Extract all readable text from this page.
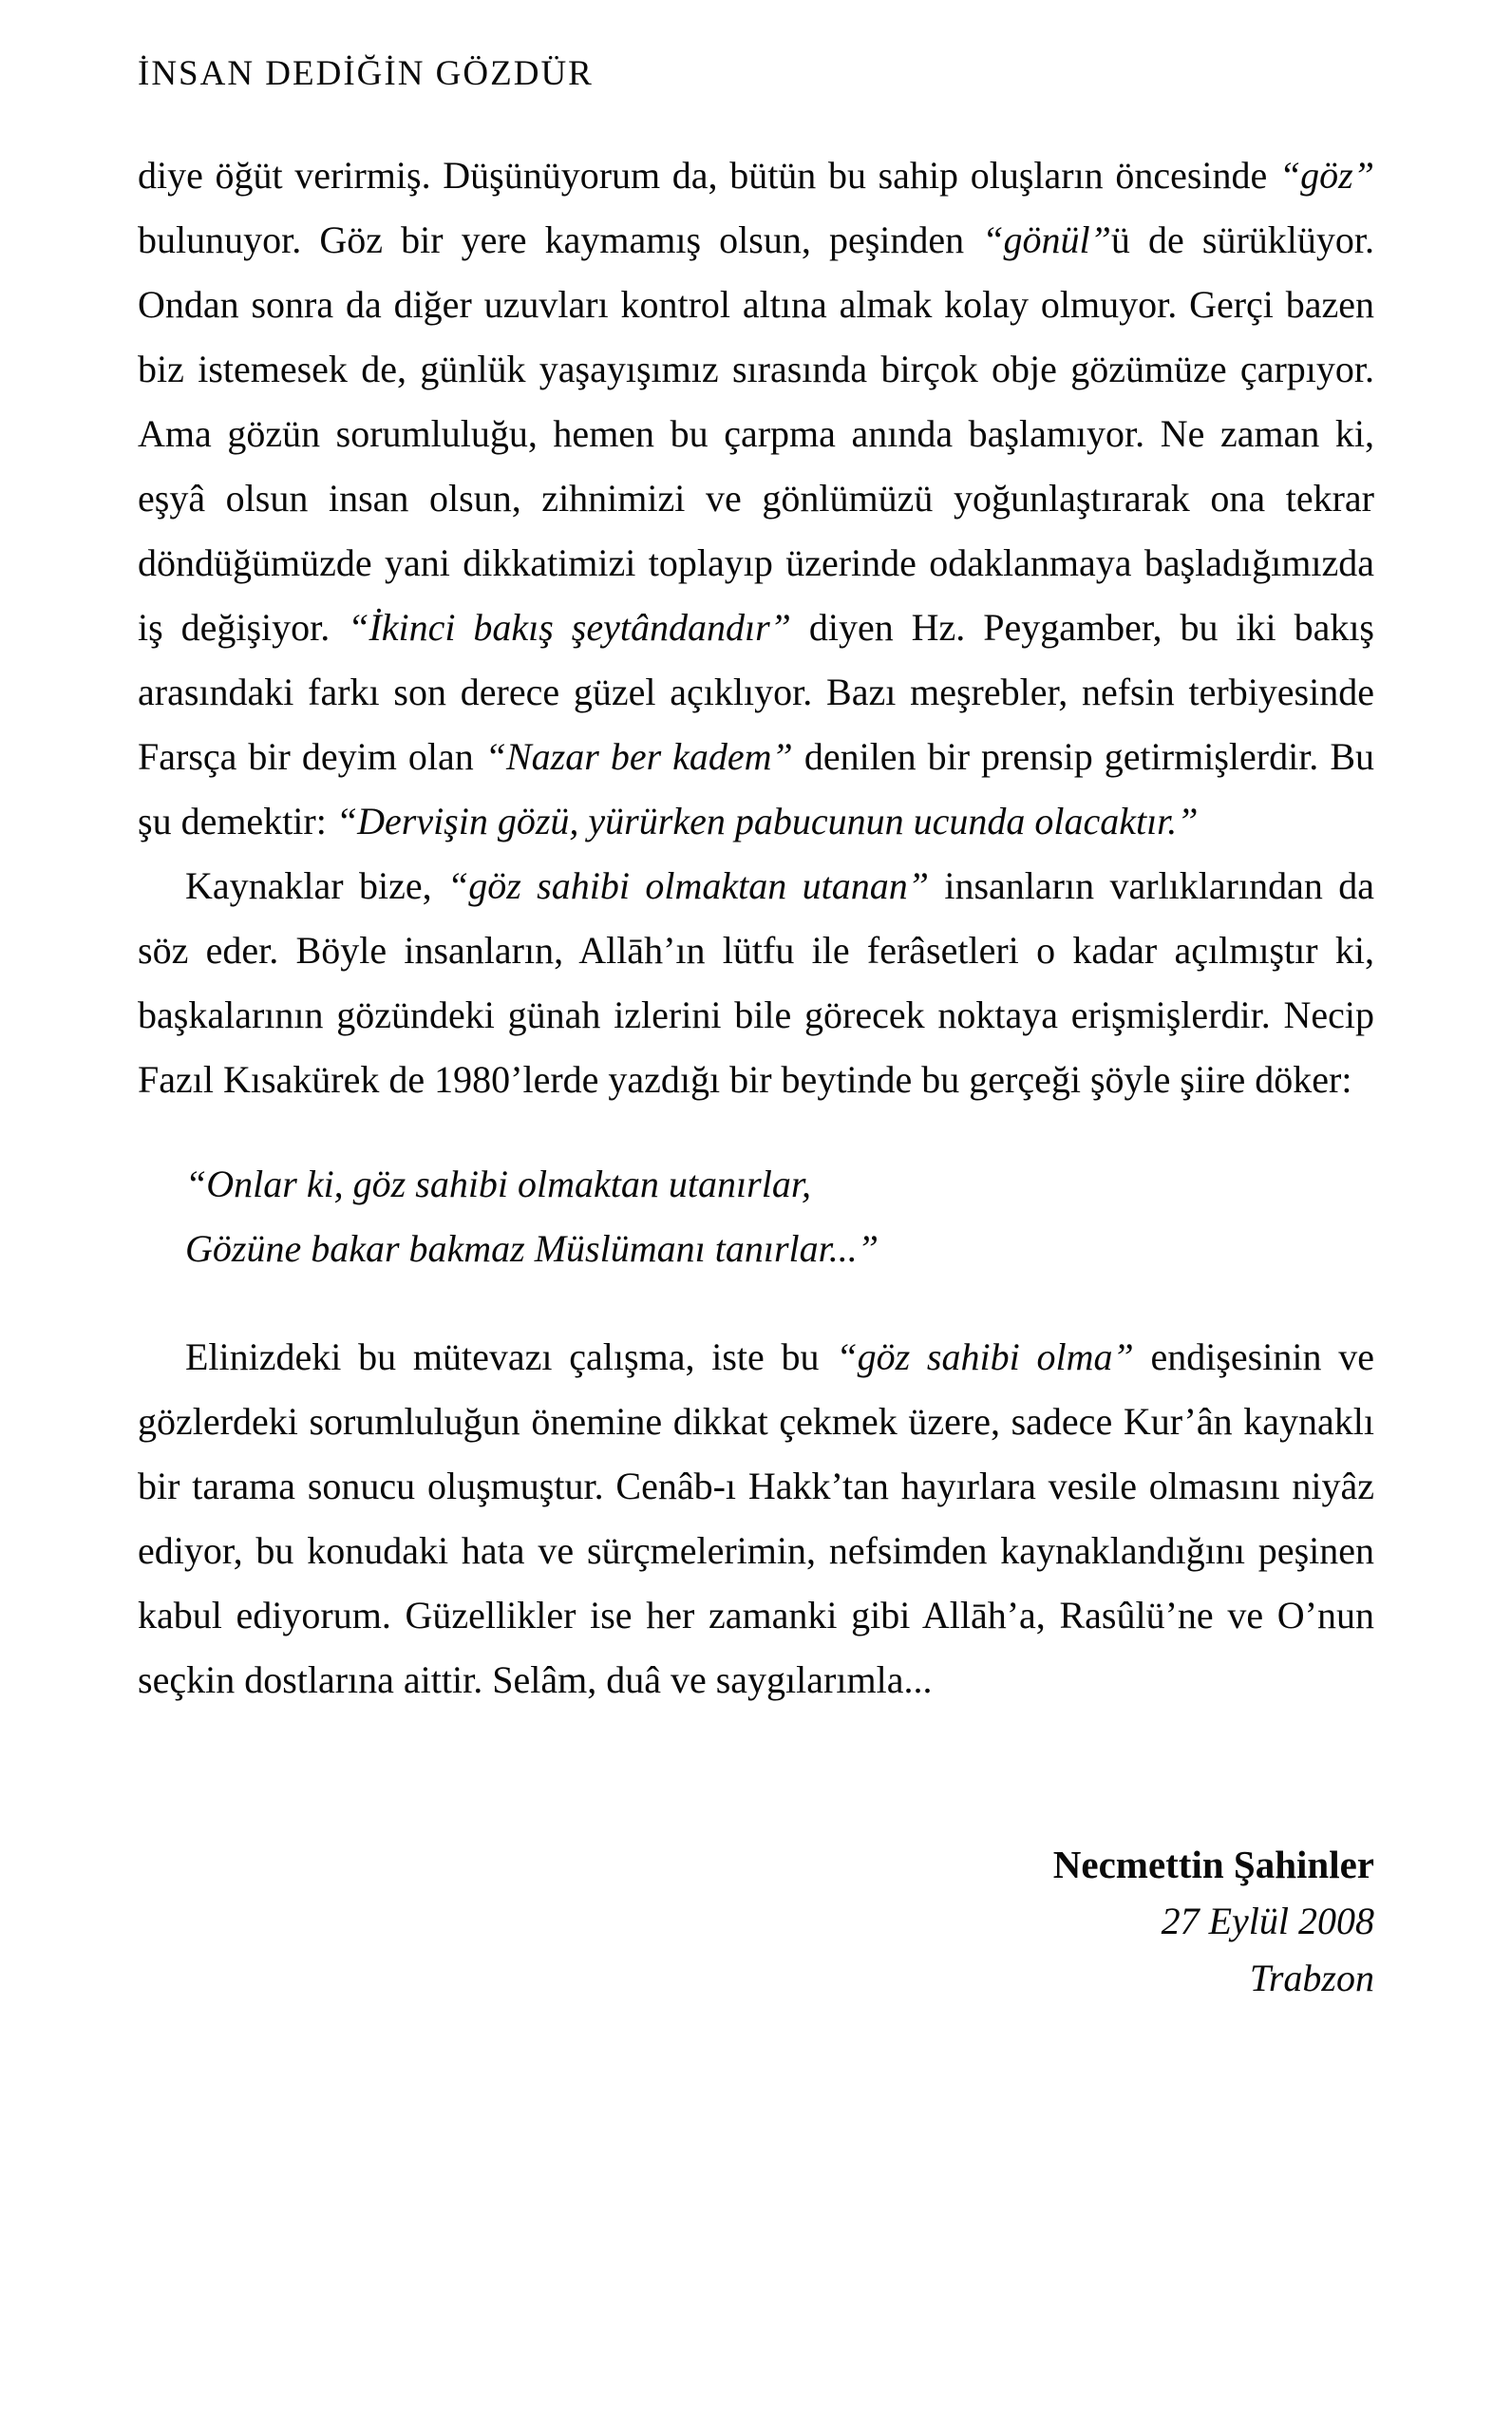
İNSAN DEDİĞİN GÖZDÜR

diye öğüt verirmiş. Düşünüyorum da, bütün bu sahip oluşların öncesinde “göz” bulunuyor. Göz bir yere kaymamış olsun, peşinden “gönül”ü de sürüklüyor. Ondan sonra da diğer uzuvları kontrol altına almak kolay olmuyor. Gerçi bazen biz istemesek de, günlük yaşayışımız sırasında birçok obje gözümüze çarpıyor. Ama gözün sorumluluğu, hemen bu çarpma anında başlamıyor. Ne zaman ki, eşyâ olsun insan olsun, zihnimizi ve gönlümüzü yoğunlaştırarak ona tekrar döndüğümüzde yani dikkatimizi toplayıp üzerinde odaklanmaya başladığımızda iş değişiyor. “İkinci bakış şeytândandır” diyen Hz. Peygamber, bu iki bakış arasındaki farkı son derece güzel açıklıyor. Bazı meşrebler, nefsin terbiyesinde Farsça bir deyim olan “Nazar ber kadem” denilen bir prensip getirmişlerdir. Bu şu demektir: “Dervişin gözü, yürürken pabucunun ucunda olacaktır.”

Kaynaklar bize, “göz sahibi olmaktan utanan” insanların varlıklarından da söz eder. Böyle insanların, Allāh’ın lütfu ile ferâsetleri o kadar açılmıştır ki, başkalarının gözündeki günah izlerini bile görecek noktaya erişmişlerdir. Necip Fazıl Kısakürek de 1980’lerde yazdığı bir beytinde bu gerçeği şöyle şiire döker:

“Onlar ki, göz sahibi olmaktan utanırlar,
Gözüne bakar bakmaz Müslümanı tanırlar...”

Elinizdeki bu mütevazı çalışma, iste bu “göz sahibi olma” endişesinin ve gözlerdeki sorumluluğun önemine dikkat çekmek üzere, sadece Kur’ân kaynaklı bir tarama sonucu oluşmuştur. Cenâb-ı Hakk’tan hayırlara vesile olmasını niyâz ediyor, bu konudaki hata ve sürçmelerimin, nefsimden kaynaklandığını peşinen kabul ediyorum. Güzellikler ise her zamanki gibi Allāh’a, Rasûlü’ne ve O’nun seçkin dostlarına aittir. Selâm, duâ ve saygılarımla...

Necmettin Şahinler
27 Eylül 2008
Trabzon
